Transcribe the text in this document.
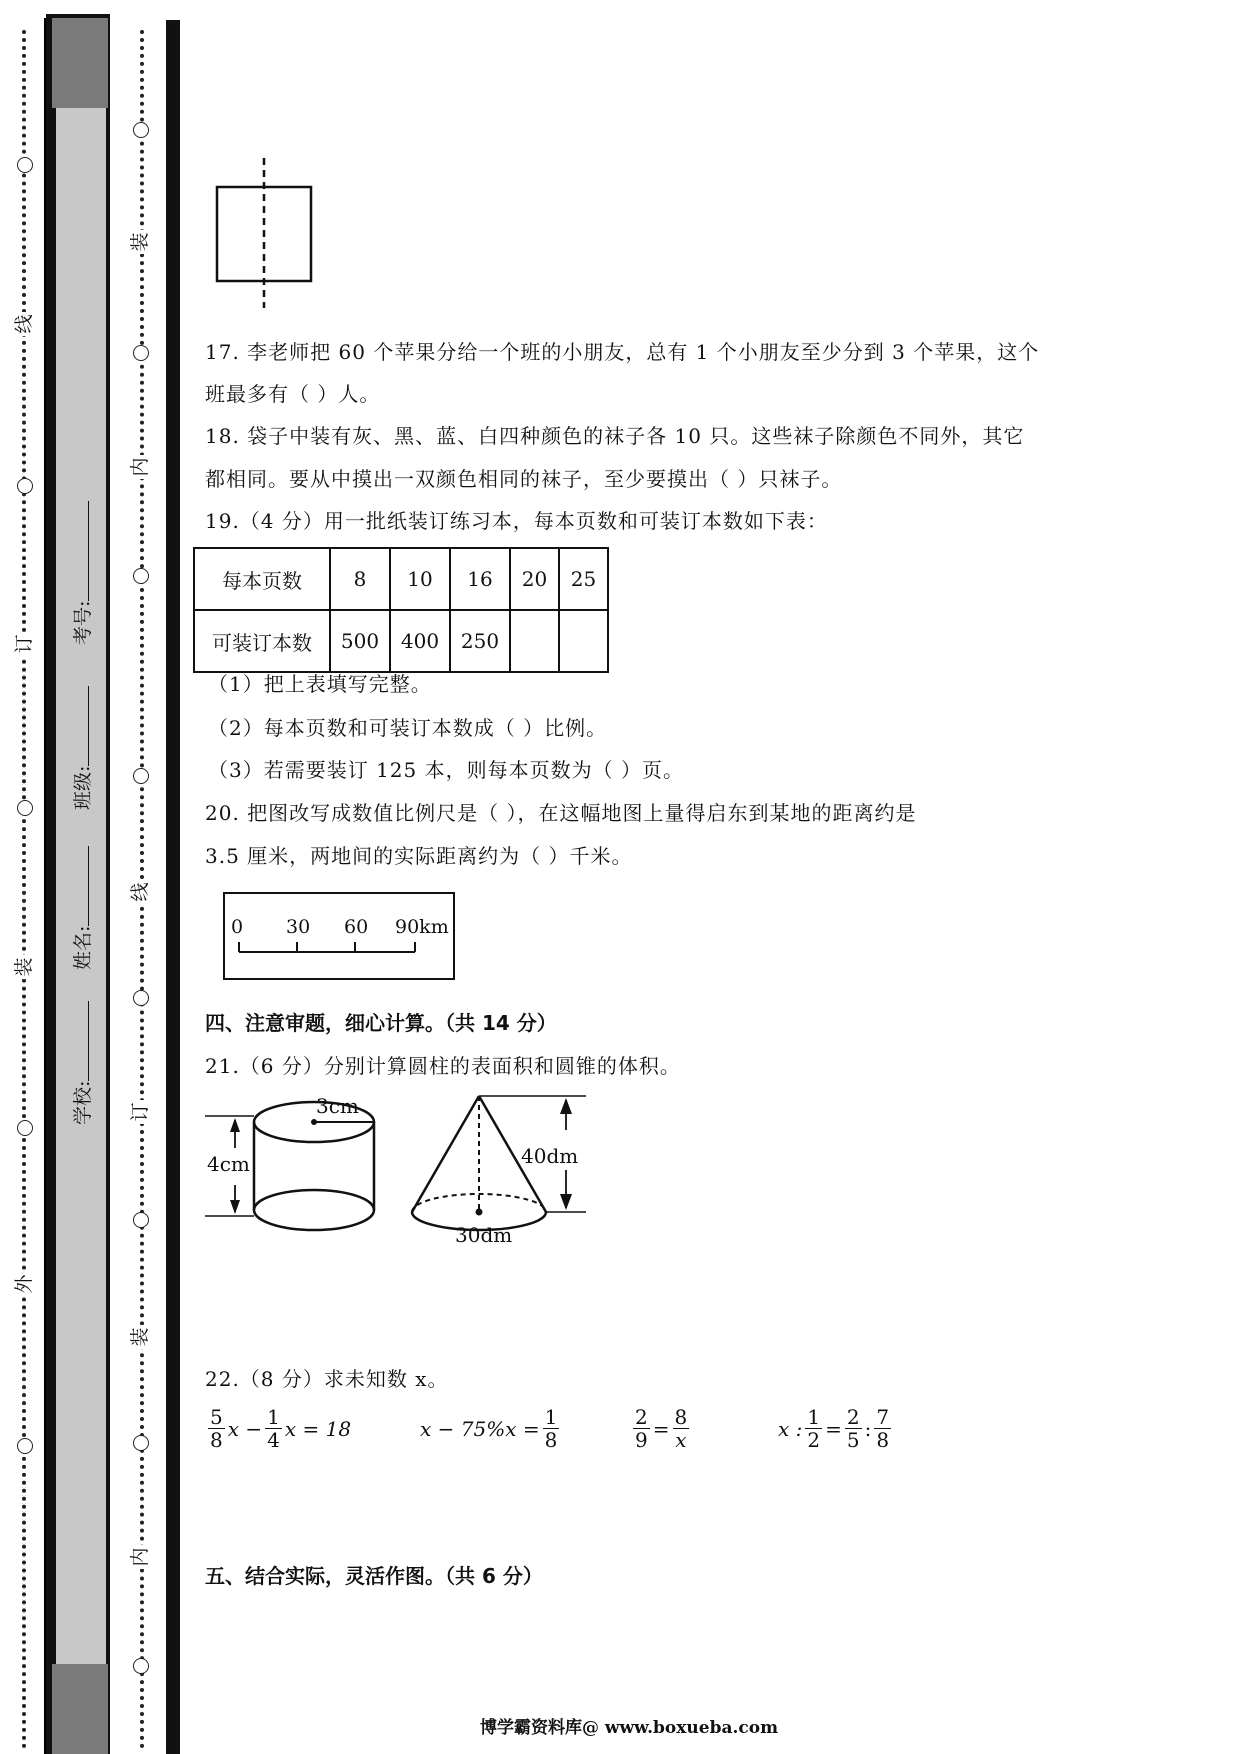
线
订
装
外
学校:
姓名:
班级:
考号:
装
内
线
订
装
内
17. 李老师把 60 个苹果分给一个班的小朋友，总有 1 个小朋友至少分到 3 个苹果，这个
班最多有（ ）人。
18. 袋子中装有灰、黑、蓝、白四种颜色的袜子各 10 只。这些袜子除颜色不同外，其它
都相同。要从中摸出一双颜色相同的袜子，至少要摸出（ ）只袜子。
19.（4 分）用一批纸装订练习本，每本页数和可装订本数如下表：
每本页数	8	10	16	20	25
可装订本数	500	400	250		
（1）把上表填写完整。
（2）每本页数和可装订本数成（ ）比例。
（3）若需要装订 125 本，则每本页数为（ ）页。
20. 把图改写成数值比例尺是（ ），在这幅地图上量得启东到某地的距离约是
3.5 厘米，两地间的实际距离约为（ ）千米。
0 30 60 90km
四、注意审题，细心计算。（共 14 分）
21.（6 分）分别计算圆柱的表面积和圆锥的体积。
3cm
4cm	40dm
30dm
22.（8 分）求未知数 x。
$\frac{5}{8}$ $x - \frac{1}{4}$ x = 18	$x - 75\%x = \frac{1}{8}$	$\frac{2}{9} = \frac{8}{x}$	x : $\frac{1}{2} = \frac{2}{5}$ : $\frac{7}{8}$
五、结合实际，灵活作图。（共 6 分）
博学霸资料库@ www.boxueba.com
